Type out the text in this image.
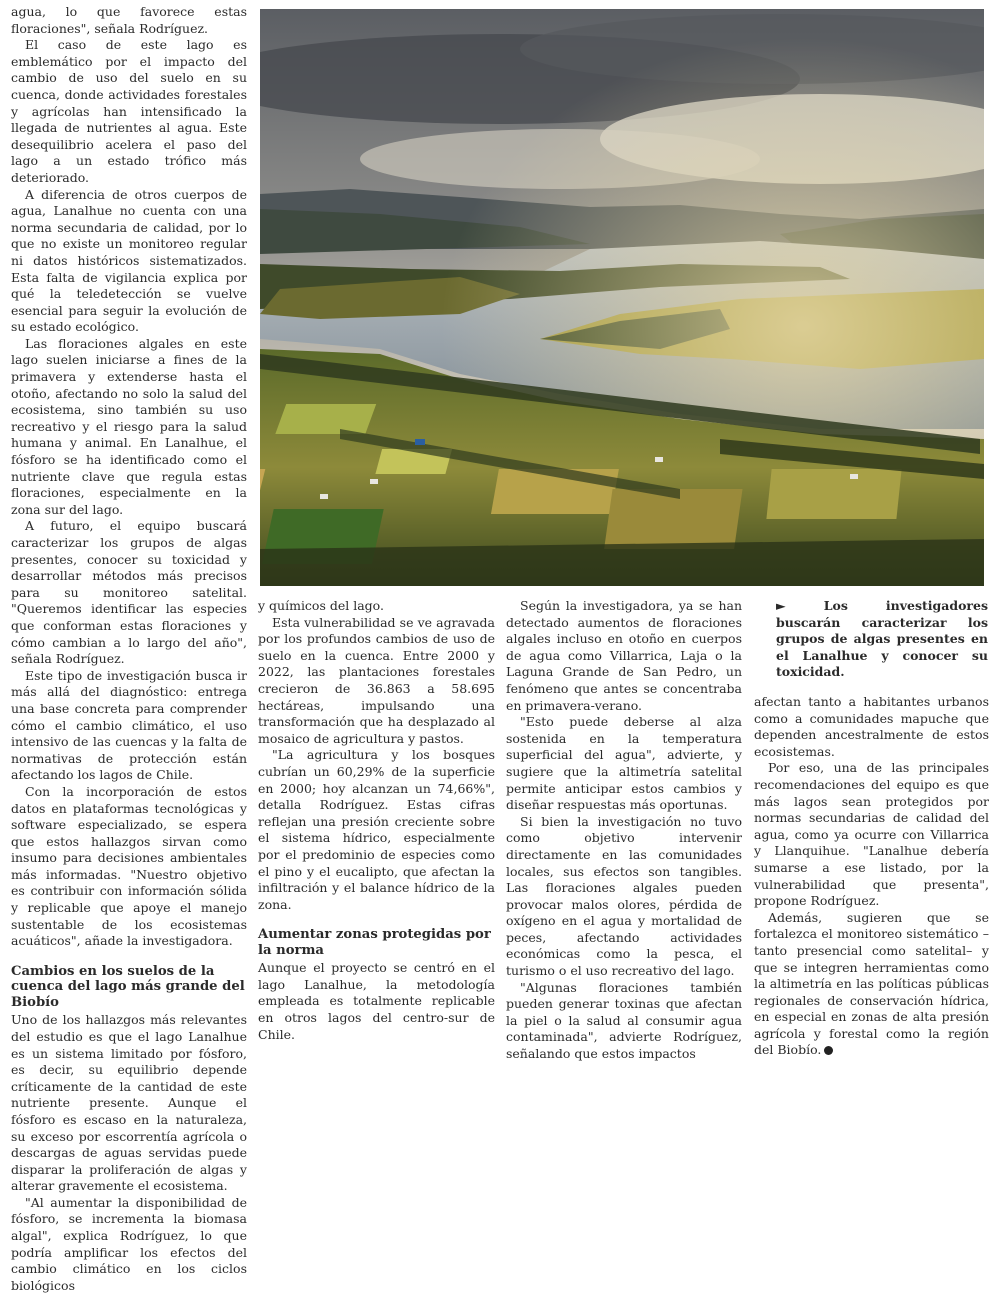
agua, lo que favorece estas floraciones", señala Rodríguez.

El caso de este lago es emblemático por el impacto del cambio de uso del suelo en su cuenca, donde actividades forestales y agrícolas han intensificado la llegada de nutrientes al agua. Este desequilibrio acelera el paso del lago a un estado trófico más deteriorado.

A diferencia de otros cuerpos de agua, Lanalhue no cuenta con una norma secundaria de calidad, por lo que no existe un monitoreo regular ni datos históricos sistematizados. Esta falta de vigilancia explica por qué la teledetección se vuelve esencial para seguir la evolución de su estado ecológico.

Las floraciones algales en este lago suelen iniciarse a fines de la primavera y extenderse hasta el otoño, afectando no solo la salud del ecosistema, sino también su uso recreativo y el riesgo para la salud humana y animal. En Lanalhue, el fósforo se ha identificado como el nutriente clave que regula estas floraciones, especialmente en la zona sur del lago.

A futuro, el equipo buscará caracterizar los grupos de algas presentes, conocer su toxicidad y desarrollar métodos más precisos para su monitoreo satelital. "Queremos identificar las especies que conforman estas floraciones y cómo cambian a lo largo del año", señala Rodríguez.

Este tipo de investigación busca ir más allá del diagnóstico: entrega una base concreta para comprender cómo el cambio climático, el uso intensivo de las cuencas y la falta de normativas de protección están afectando los lagos de Chile.

Con la incorporación de estos datos en plataformas tecnológicas y software especializado, se espera que estos hallazgos sirvan como insumo para decisiones ambientales más informadas. "Nuestro objetivo es contribuir con información sólida y replicable que apoye el manejo sustentable de los ecosistemas acuáticos", añade la investigadora.

Cambios en los suelos de la cuenca del lago más grande del Biobío

Uno de los hallazgos más relevantes del estudio es que el lago Lanalhue es un sistema limitado por fósforo, es decir, su equilibrio depende críticamente de la cantidad de este nutriente presente. Aunque el fósforo es escaso en la naturaleza, su exceso por escorrentía agrícola o descargas de aguas servidas puede disparar la proliferación de algas y alterar gravemente el ecosistema.

"Al aumentar la disponibilidad de fósforo, se incrementa la biomasa algal", explica Rodríguez, lo que podría amplificar los efectos del cambio climático en los ciclos biológicos

y químicos del lago.

Esta vulnerabilidad se ve agravada por los profundos cambios de uso de suelo en la cuenca. Entre 2000 y 2022, las plantaciones forestales crecieron de 36.863 a 58.695 hectáreas, impulsando una transformación que ha desplazado al mosaico de agricultura y pastos.

"La agricultura y los bosques cubrían un 60,29% de la superficie en 2000; hoy alcanzan un 74,66%", detalla Rodríguez. Estas cifras reflejan una presión creciente sobre el sistema hídrico, especialmente por el predominio de especies como el pino y el eucalipto, que afectan la infiltración y el balance hídrico de la zona.

Aumentar zonas protegidas por la norma

Aunque el proyecto se centró en el lago Lanalhue, la metodología empleada es totalmente replicable en otros lagos del centro-sur de Chile.

Según la investigadora, ya se han detectado aumentos de floraciones algales incluso en otoño en cuerpos de agua como Villarrica, Laja o la Laguna Grande de San Pedro, un fenómeno que antes se concentraba en primavera-verano.

"Esto puede deberse al alza sostenida en la temperatura superficial del agua", advierte, y sugiere que la altimetría satelital permite anticipar estos cambios y diseñar respuestas más oportunas.

Si bien la investigación no tuvo como objetivo intervenir directamente en las comunidades locales, sus efectos son tangibles. Las floraciones algales pueden provocar malos olores, pérdida de oxígeno en el agua y mortalidad de peces, afectando actividades económicas como la pesca, el turismo o el uso recreativo del lago.

"Algunas floraciones también pueden generar toxinas que afectan la piel o la salud al consumir agua contaminada", advierte Rodríguez, señalando que estos impactos

►	Los investigadores buscarán caracterizar los grupos de algas presentes en el Lanalhue y conocer su toxicidad.

afectan tanto a habitantes urbanos como a comunidades mapuche que dependen ancestralmente de estos ecosistemas.

Por eso, una de las principales recomendaciones del equipo es que más lagos sean protegidos por normas secundarias de calidad del agua, como ya ocurre con Villarrica y Llanquihue. "Lanalhue debería sumarse a ese listado, por la vulnerabilidad que presenta", propone Rodríguez.

Además, sugieren que se fortalezca el monitoreo sistemático –tanto presencial como satelital– y que se integren herramientas como la altimetría en las políticas públicas regionales de conservación hídrica, en especial en zonas de alta presión agrícola y forestal como la región del Biobío.
